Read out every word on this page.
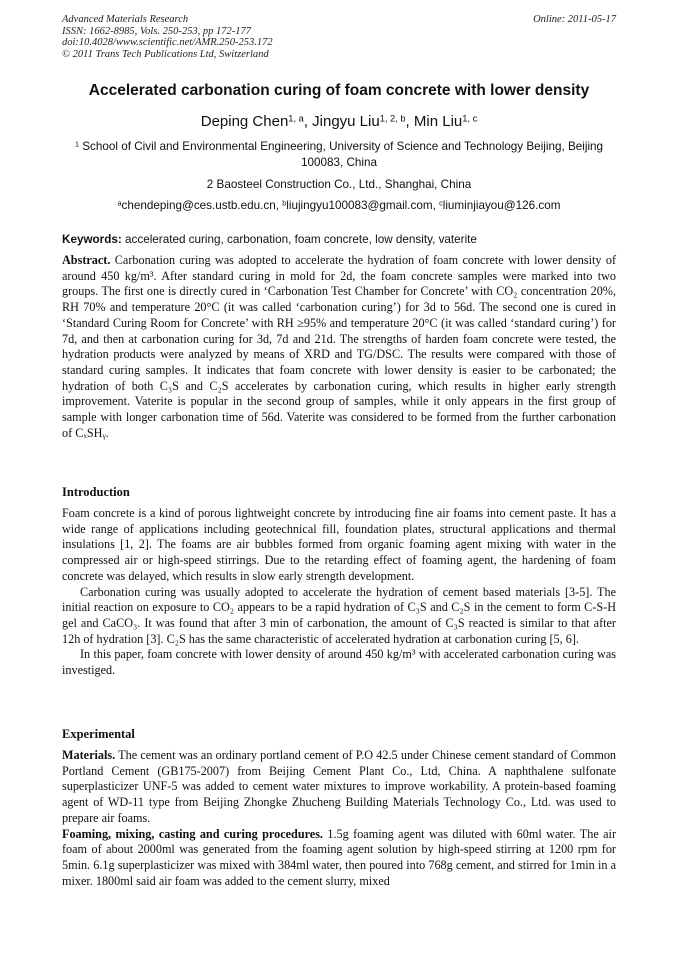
Advanced Materials Research
ISSN: 1662-8985, Vols. 250-253, pp 172-177
doi:10.4028/www.scientific.net/AMR.250-253.172
© 2011 Trans Tech Publications Ltd, Switzerland
Online: 2011-05-17
Accelerated carbonation curing of foam concrete with lower density
Deping Chen$^{1, a}$, Jingyu Liu$^{1, 2, b}$, Min Liu$^{1, c}$
$^1$ School of Civil and Environmental Engineering, University of Science and Technology Beijing, Beijing 100083, China
2 Baosteel Construction Co., Ltd., Shanghai, China
$^a$chendeping@ces.ustb.edu.cn, $^b$liujingyu100083@gmail.com, $^c$liuminjiayou@126.com
Keywords: accelerated curing, carbonation, foam concrete, low density, vaterite

Abstract. Carbonation curing was adopted to accelerate the hydration of foam concrete with lower density of around 450 kg/m³. After standard curing in mold for 2d, the foam concrete samples were marked into two groups. The first one is directly cured in ‘Carbonation Test Chamber for Concrete’ with CO₂ concentration 20%, RH 70% and temperature 20°C (it was called ‘carbonation curing’) for 3d to 56d. The second one is cured in ‘Standard Curing Room for Concrete’ with RH ≥95% and temperature 20°C (it was called ‘standard curing’) for 7d, and then at carbonation curing for 3d, 7d and 21d. The strengths of harden foam concrete were tested, the hydration products were analyzed by means of XRD and TG/DSC. The results were compared with those of standard curing samples. It indicates that foam concrete with lower density is easier to be carbonated; the hydration of both C₃S and C₂S accelerates by carbonation curing, which results in higher early strength improvement. Vaterite is popular in the second group of samples, while it only appears in the first group of sample with longer carbonation time of 56d. Vaterite was considered to be formed from the further carbonation of CₓSHᵧ.

Introduction

Foam concrete is a kind of porous lightweight concrete by introducing fine air foams into cement paste. It has a wide range of applications including geotechnical fill, foundation plates, structural applications and thermal insulations [1, 2]. The foams are air bubbles formed from organic foaming agent mixing with water in the compressed air or high-speed stirrings. Due to the retarding effect of foaming agent, the hardening of foam concrete was delayed, which results in slow early strength development.

Carbonation curing was usually adopted to accelerate the hydration of cement based materials [3-5]. The initial reaction on exposure to CO₂ appears to be a rapid hydration of C₃S and C₂S in the cement to form C-S-H gel and CaCO₃. It was found that after 3 min of carbonation, the amount of C₃S reacted is similar to that after 12h of hydration [3]. C₂S has the same characteristic of accelerated hydration at carbonation curing [5, 6].

In this paper, foam concrete with lower density of around 450 kg/m³ with accelerated carbonation curing was investiged.

Experimental

Materials. The cement was an ordinary portland cement of P.O 42.5 under Chinese cement standard of Common Portland Cement (GB175-2007) from Beijing Cement Plant Co., Ltd, China. A naphthalene sulfonate superplasticizer UNF-5 was added to cement water mixtures to improve workability. A protein-based foaming agent of WD-11 type from Beijing Zhongke Zhucheng Building Materials Technology Co., Ltd. was used to prepare air foams.

Foaming, mixing, casting and curing procedures. 1.5g foaming agent was diluted with 60ml water. The air foam of about 2000ml was generated from the foaming agent solution by high-speed stirring at 1200 rpm for 5min. 6.1g superplasticizer was mixed with 384ml water, then poured into 768g cement, and stirred for 1min in a mixer. 1800ml said air foam was added to the cement slurry, mixed
